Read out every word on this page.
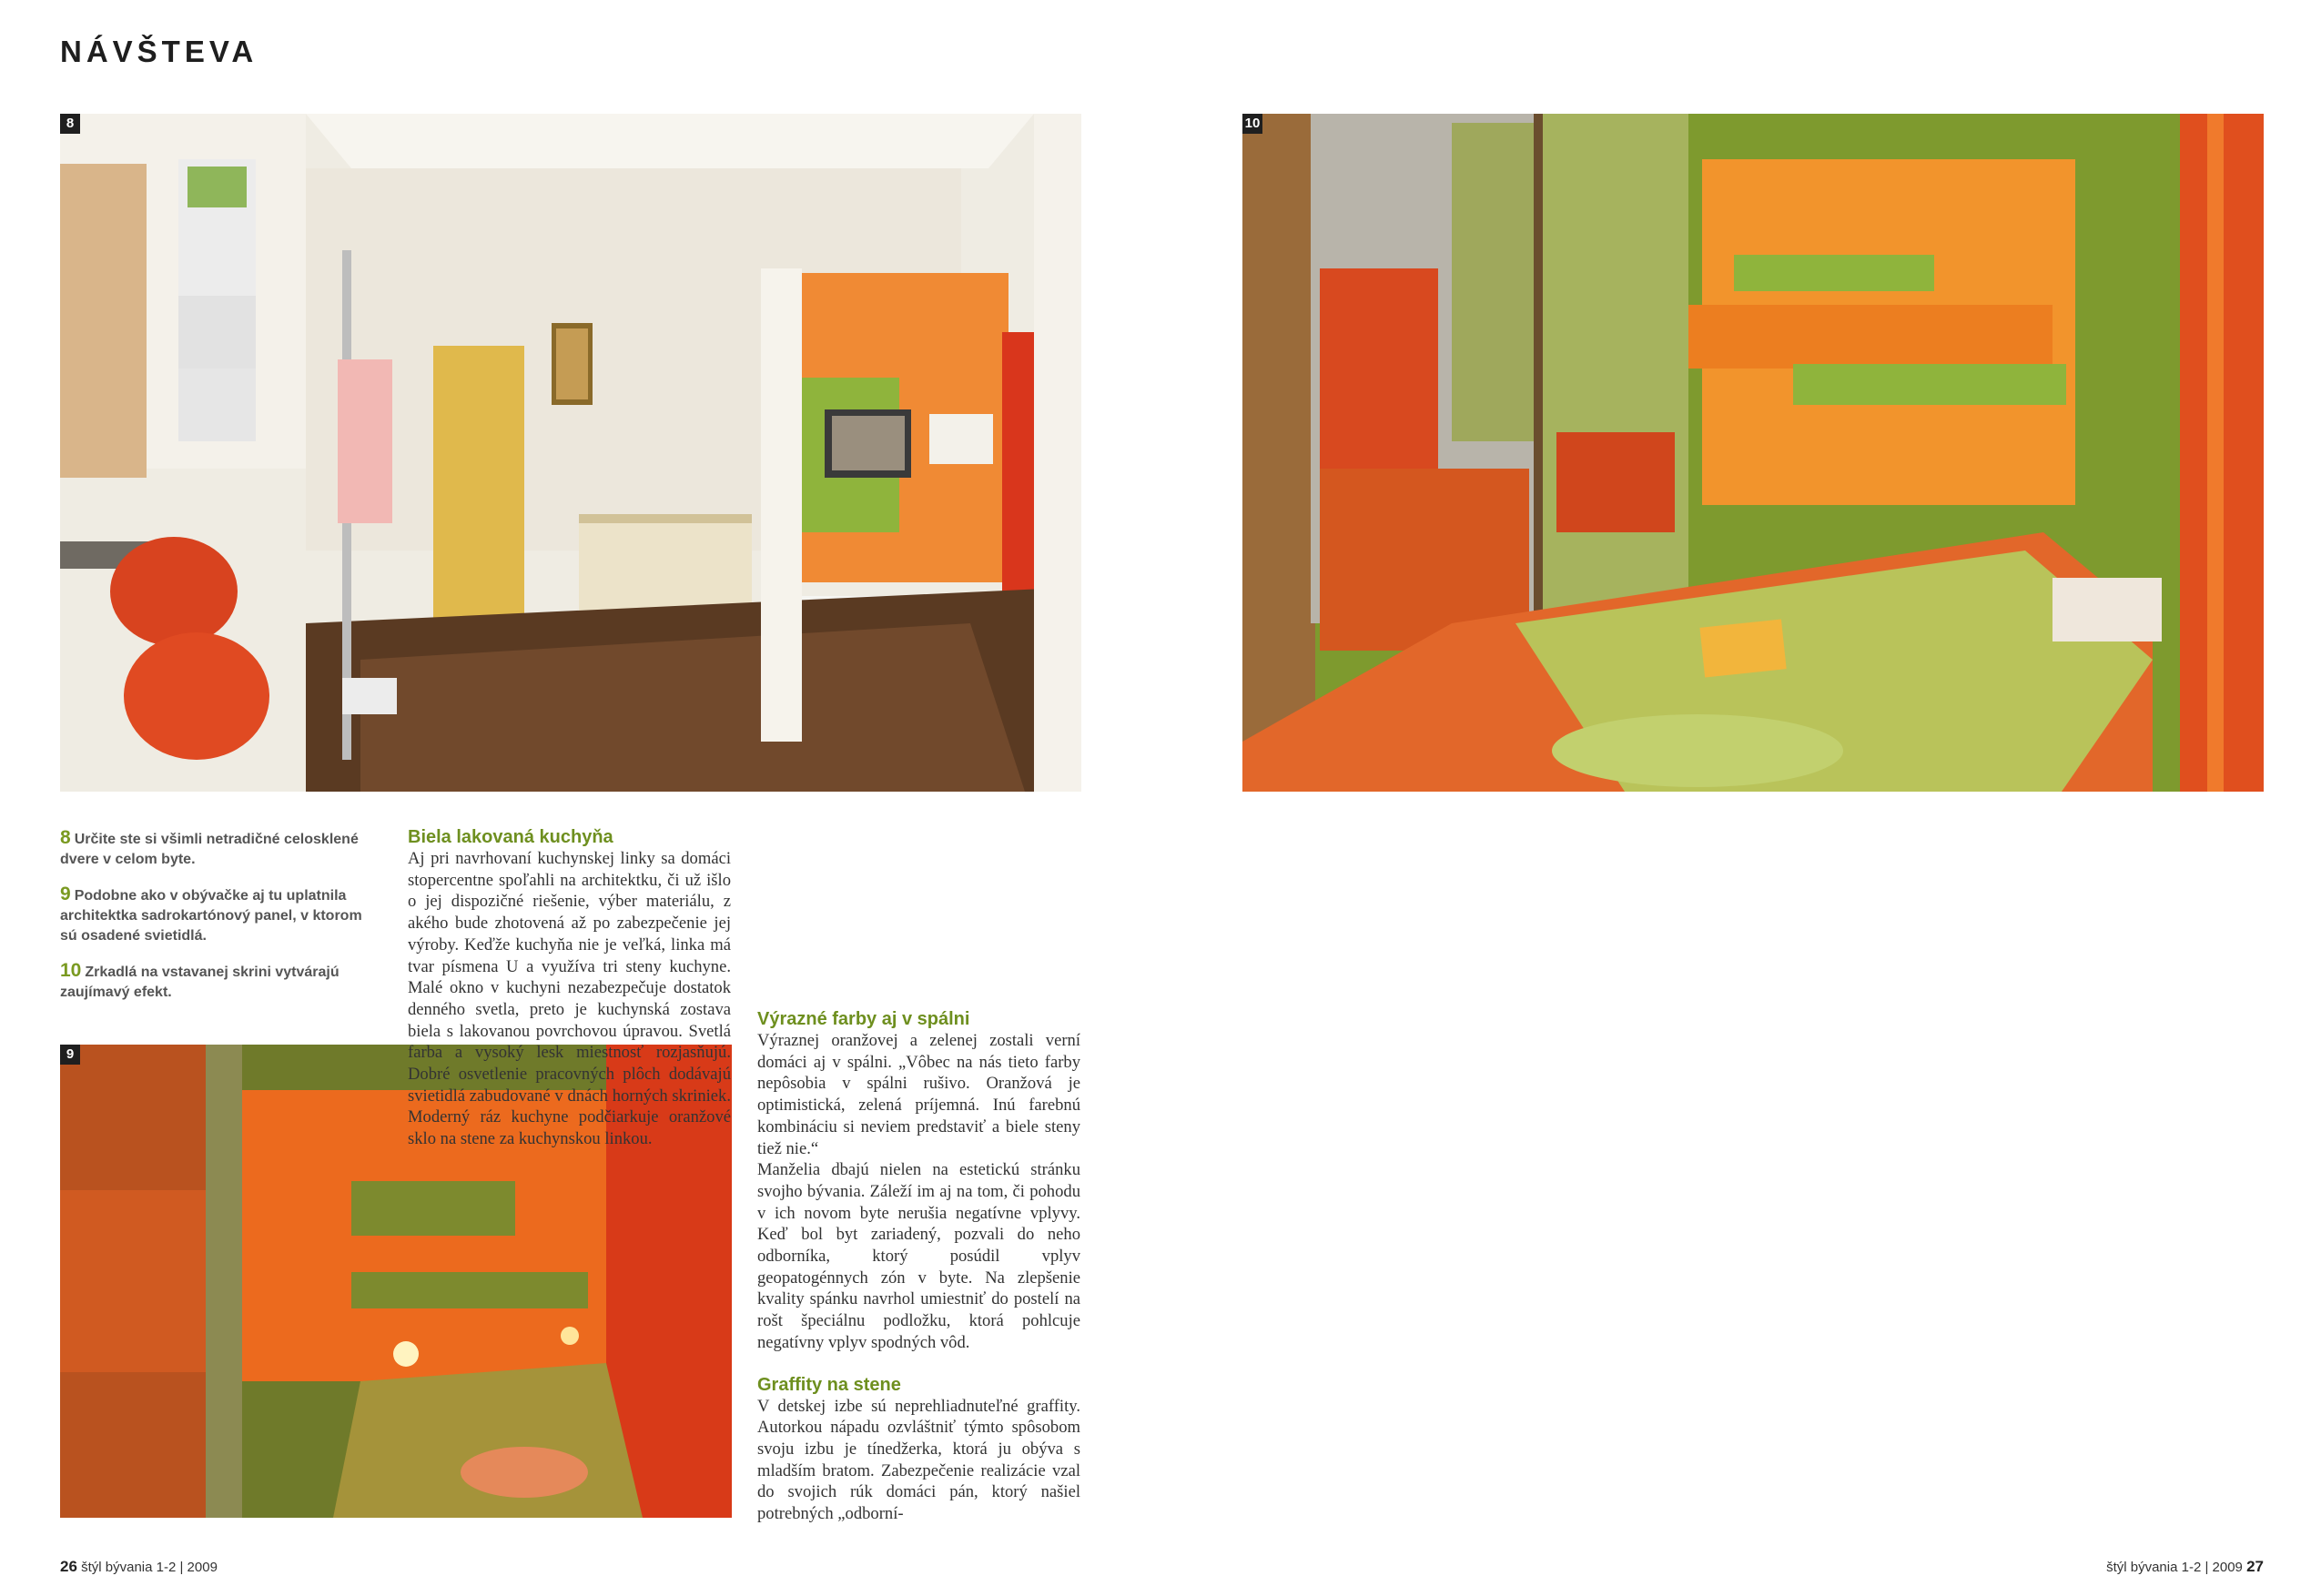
NÁVŠTEVA
8	10
8 Určite ste si všimli netradičné celosklené dvere v celom byte.
9 Podobne ako v obývačke aj tu uplatnila architektka sadrokartónový panel, v ktorom sú osadené svietidlá.
10 Zrkadlá na vstavanej skrini vytvárajú zaujímavý efekt.
9
Biela lakovaná kuchyňa

Aj pri navrhovaní kuchynskej linky sa domáci stopercentne spoľahli na architektku, či už išlo o jej dispozičné riešenie, výber materiálu, z akého bude zhotovená až po zabezpečenie jej výroby. Keďže kuchyňa nie je veľká, linka má tvar písmena U a využíva tri steny kuchyne. Malé okno v kuchyni nezabezpečuje dostatok denného svetla, preto je kuchynská zostava biela s lakovanou povrchovou úpravou. Svetlá farba a vysoký lesk miestnosť rozjasňujú. Dobré osvetlenie pracovných plôch dodávajú svietidlá zabudované v dnách horných skriniek. Moderný ráz kuchyne podčiarkuje oranžové sklo na stene za kuchynskou linkou.

Výrazné farby aj v spálni

Výraznej oranžovej a zelenej zostali verní domáci aj v spálni. „Vôbec na nás tieto farby nepôsobia v spálni rušivo. Oranžová je optimistická, zelená príjemná. Inú farebnú kombináciu si neviem predstaviť a biele steny tiež nie.“

Manželia dbajú nielen na estetickú stránku svojho bývania. Záleží im aj na tom, či pohodu v ich novom byte nerušia negatívne vplyvy. Keď bol byt zariadený, pozvali do neho odborníka, ktorý posúdil vplyv geopatogénnych zón v byte. Na zlepšenie kvality spánku navrhol umiestniť do postelí na rošt špeciálnu podložku, ktorá pohlcuje negatívny vplyv spodných vôd.

Graffity na stene

V detskej izbe sú neprehliadnuteľné graffity. Autorkou nápadu ozvláštniť týmto spôsobom svoju izbu je tínedžerka, ktorá ju obýva s mladším bratom. Zabezpečenie realizácie vzal do svojich rúk domáci pán, ktorý našiel potrebných „odborní-

26 štýl bývania 1-2 | 2009	štýl bývania 1-2 | 2009 27
